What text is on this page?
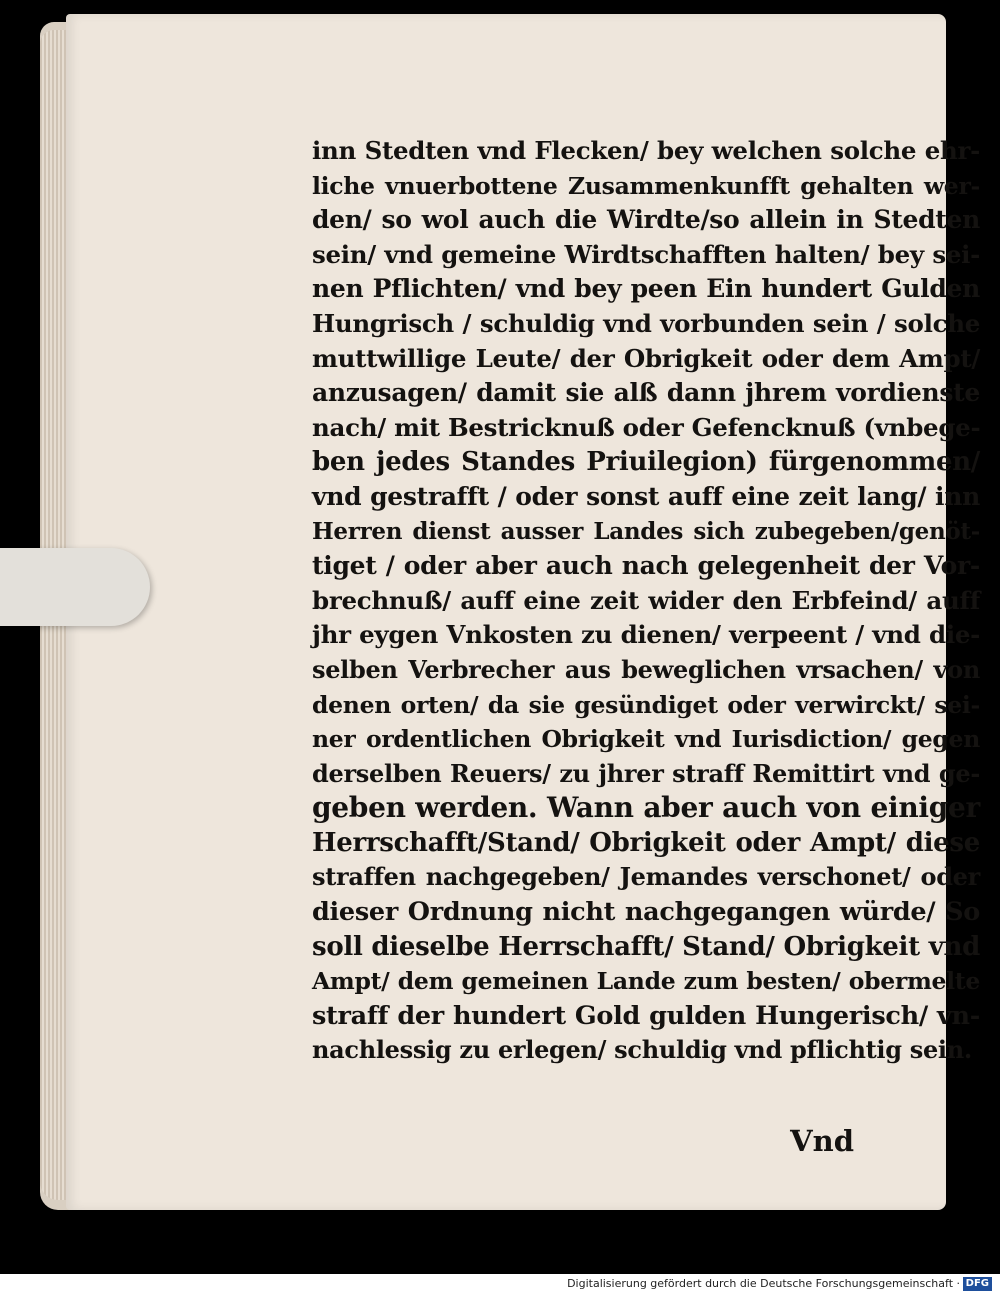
inn Stedten vnd Flecken/ bey welchen solche ehr-
liche vnuerbottene Zusammenkunfft gehalten wer-
den/ so wol auch die Wirdte/so allein in Stedten
sein/ vnd gemeine Wirdtschafften halten/ bey sei-
nen Pflichten/ vnd bey peen Ein hundert Gulden
Hungrisch / schuldig vnd vorbunden sein / solche
muttwillige Leute/ der Obrigkeit oder dem Ampt/
anzusagen/ damit sie alß dann jhrem vordienste
nach/ mit Bestricknuß oder Gefencknuß (vnbege-
ben jedes Standes Priuilegion) fürgenommen/
vnd gestrafft / oder sonst auff eine zeit lang/ inn
Herren dienst ausser Landes sich zubegeben/genöt-
tiget / oder aber auch nach gelegenheit der Vor-
brechnuß/ auff eine zeit wider den Erbfeind/ auff
jhr eygen Vnkosten zu dienen/ verpeent / vnd die-
selben Verbrecher aus beweglichen vrsachen/ von
denen orten/ da sie gesündiget oder verwirckt/ sei-
ner ordentlichen Obrigkeit vnd Iurisdiction/ gegen
derselben Reuers/ zu jhrer straff Remittirt vnd ge-
geben werden. Wann aber auch von einiger
Herrschafft/Stand/ Obrigkeit oder Ampt/ diese
straffen nachgegeben/ Jemandes verschonet/ oder
dieser Ordnung nicht nachgegangen würde/ So
soll dieselbe Herrschafft/ Stand/ Obrigkeit vnd
Ampt/ dem gemeinen Lande zum besten/ obermelte
straff der hundert Gold gulden Hungerisch/ vn-
nachlessig zu erlegen/ schuldig vnd pflichtig sein.
Vnd
Digitalisierung gefördert durch die Deutsche Forschungsgemeinschaft · DFG
